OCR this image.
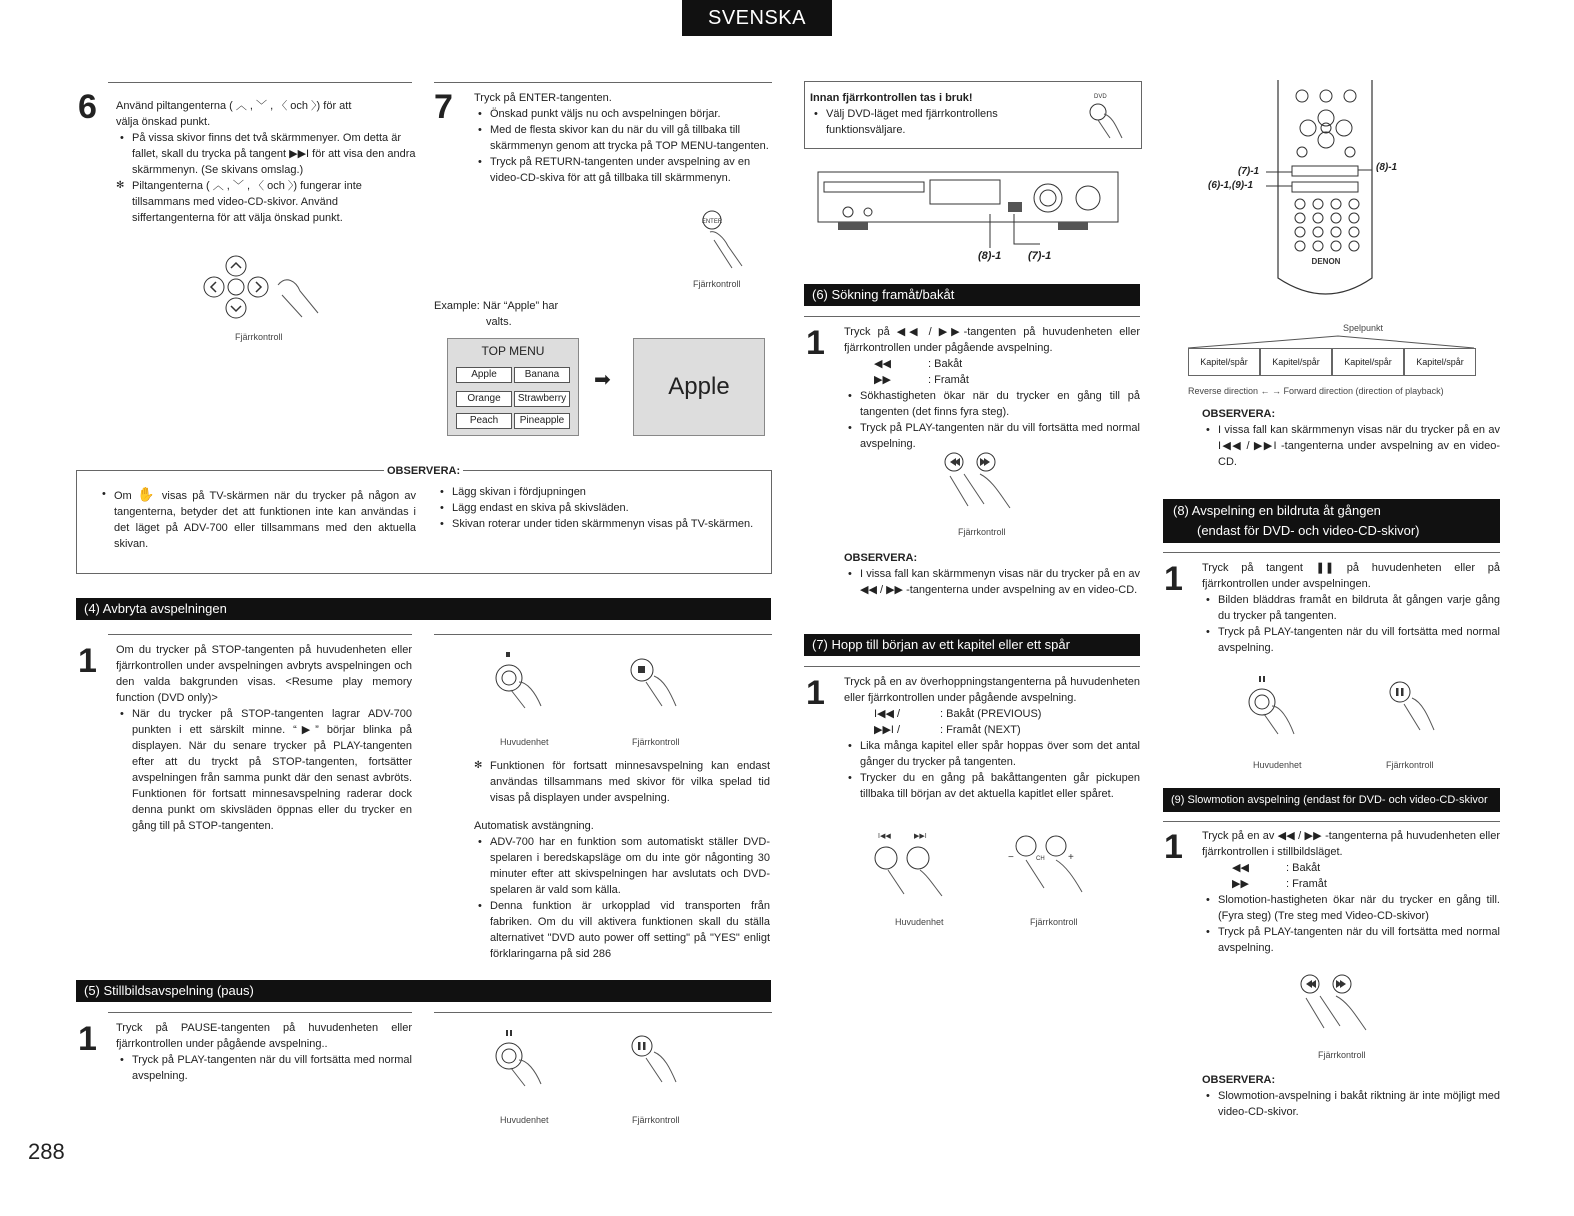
SVENSKA
6 Använd piltangenterna ( ︿ , ﹀ , 〈 och 〉) för att

välja önskad punkt.

• På vissa skivor finns det två skärmmenyer. Om detta är fallet, skall du trycka på tangent ▶▶I för att visa den andra skärmmenyn. (Se skivans omslag.)

✻ Piltangenterna ( ︿ , ﹀ , 〈 och 〉) fungerar inte tillsammans med video-CD-skivor. Använd siffertangenterna för att välja önskad punkt.

Fjärrkontroll
7 Tryck på ENTER-tangenten.

• Önskad punkt väljs nu och avspelningen börjar.

• Med de flesta skivor kan du när du vill gå tillbaka till skärmmenyn genom att trycka på TOP MENU-tangenten.

• Tryck på RETURN-tangenten under avspelning av en video-CD-skiva för att gå tillbaka till skärmmenyn.

ENTER
Fjärrkontroll

Example: När “Apple” har

valts.

TOP MENU
Apple	Banana
Orange	Strawberry
Peach	Pineapple
➡ Apple
OBSERVERA:

• Om ✋ visas på TV-skärmen när du trycker på någon av tangenterna, betyder det att funktionen inte kan användas i det läget på ADV-700 eller tillsammans med den aktuella skivan.

• Lägg skivan i fördjupningen

• Lägg endast en skiva på skivsläden.

• Skivan roterar under tiden skärmmenyn visas på TV-skärmen.

(4) Avbryta avspelningen
1 Om du trycker på STOP-tangenten på huvudenheten eller fjärrkontrollen under avspelningen avbryts avspelningen och den valda bakgrunden visas. <Resume play memory function (DVD only)>

• När du trycker på STOP-tangenten lagrar ADV-700 punkten i ett särskilt minne. “▶” börjar blinka på displayen. När du senare trycker på PLAY-tangenten efter att du tryckt på STOP-tangenten, fortsätter avspelningen från samma punkt där den senast avbröts. Funktionen för fortsatt minnesavspelning raderar dock denna punkt om skivsläden öppnas eller du trycker en gång till på STOP-tangenten.

Huvudenhet	Fjärrkontroll

✻ Funktionen för fortsatt minnesavspelning kan endast användas tillsammans med skivor för vilka spelad tid visas på displayen under avspelning.

Automatisk avstängning.

• ADV-700 har en funktion som automatiskt ställer DVD-spelaren i beredskapsläge om du inte gör någonting 30 minuter efter att skivspelningen har avslutats och DVD-spelaren är vald som källa.

• Denna funktion är urkopplad vid transporten från fabriken. Om du vill aktivera funktionen skall du ställa alternativet "DVD auto power off setting" på "YES" enligt förklaringarna på sid 286

(5) Stillbildsavspelning (paus)
1 Tryck på PAUSE-tangenten på huvudenheten eller fjärrkontrollen under pågående avspelning..

• Tryck på PLAY-tangenten när du vill fortsätta med normal avspelning.

Huvudenhet	Fjärrkontroll
288

Innan fjärrkontrollen tas i bruk!

• Välj DVD-läget med fjärrkontrollens funktionsväljare.

DVD
(8)-1 (7)-1
(6) Sökning framåt/bakåt
1 Tryck på ◀◀ / ▶▶-tangenten på huvudenheten eller fjärrkontrollen under pågående avspelning.

◀◀	: Bakåt

▶▶	: Framåt

• Sökhastigheten ökar när du trycker en gång till på tangenten (det finns fyra steg).

• Tryck på PLAY-tangenten när du vill fortsätta med normal avspelning.

Fjärrkontroll

OBSERVERA:

• I vissa fall kan skärmmenyn visas när du trycker på en av ◀◀ / ▶▶ -tangenterna under avspelning av en video-CD.

(7) Hopp till början av ett kapitel eller ett spår
1 Tryck på en av överhoppningstangenterna på huvudenheten eller fjärrkontrollen under pågående avspelning.

I◀◀ /	: Bakåt (PREVIOUS)

▶▶I /	: Framåt (NEXT)

• Lika många kapitel eller spår hoppas över som det antal gånger du trycker på tangenten.

• Trycker du en gång på bakåttangenten går pickupen tillbaka till början av det aktuella kapitlet eller spåret.

I◀◀	▶▶I
−	CH +
Huvudenhet	Fjärrkontroll
DENON
(7)-1
(6)-1,(9)-1
(8)-1
Spelpunkt
Kapitel/spår	Kapitel/spår	Kapitel/spår	Kapitel/spår
Reverse direction ← → Forward direction (direction of playback)

OBSERVERA:

• I vissa fall kan skärmmenyn visas när du trycker på en av I◀◀ / ▶▶I -tangenterna under avspelning av en video-CD.

(8) Avspelning en bildruta åt gången
(endast för DVD- och video-CD-skivor)
1 Tryck på tangent ❚❚ på huvudenheten eller på fjärrkontrollen under avspelningen.

• Bilden bläddras framåt en bildruta åt gången varje gång du trycker på tangenten.

• Tryck på PLAY-tangenten när du vill fortsätta med normal avspelning.

Huvudenhet	Fjärrkontroll
(9) Slowmotion avspelning (endast för DVD- och video-CD-skivor
1 Tryck på en av ◀◀ / ▶▶ -tangenterna på huvudenheten eller fjärrkontrollen i stillbildsläget.

◀◀	: Bakåt

▶▶	: Framåt

• Slomotion-hastigheten ökar när du trycker en gång till. (Fyra steg) (Tre steg med Video-CD-skivor)

• Tryck på PLAY-tangenten när du vill fortsätta med normal avspelning.

Fjärrkontroll

OBSERVERA:

• Slowmotion-avspelning i bakåt riktning är inte möjligt med video-CD-skivor.
